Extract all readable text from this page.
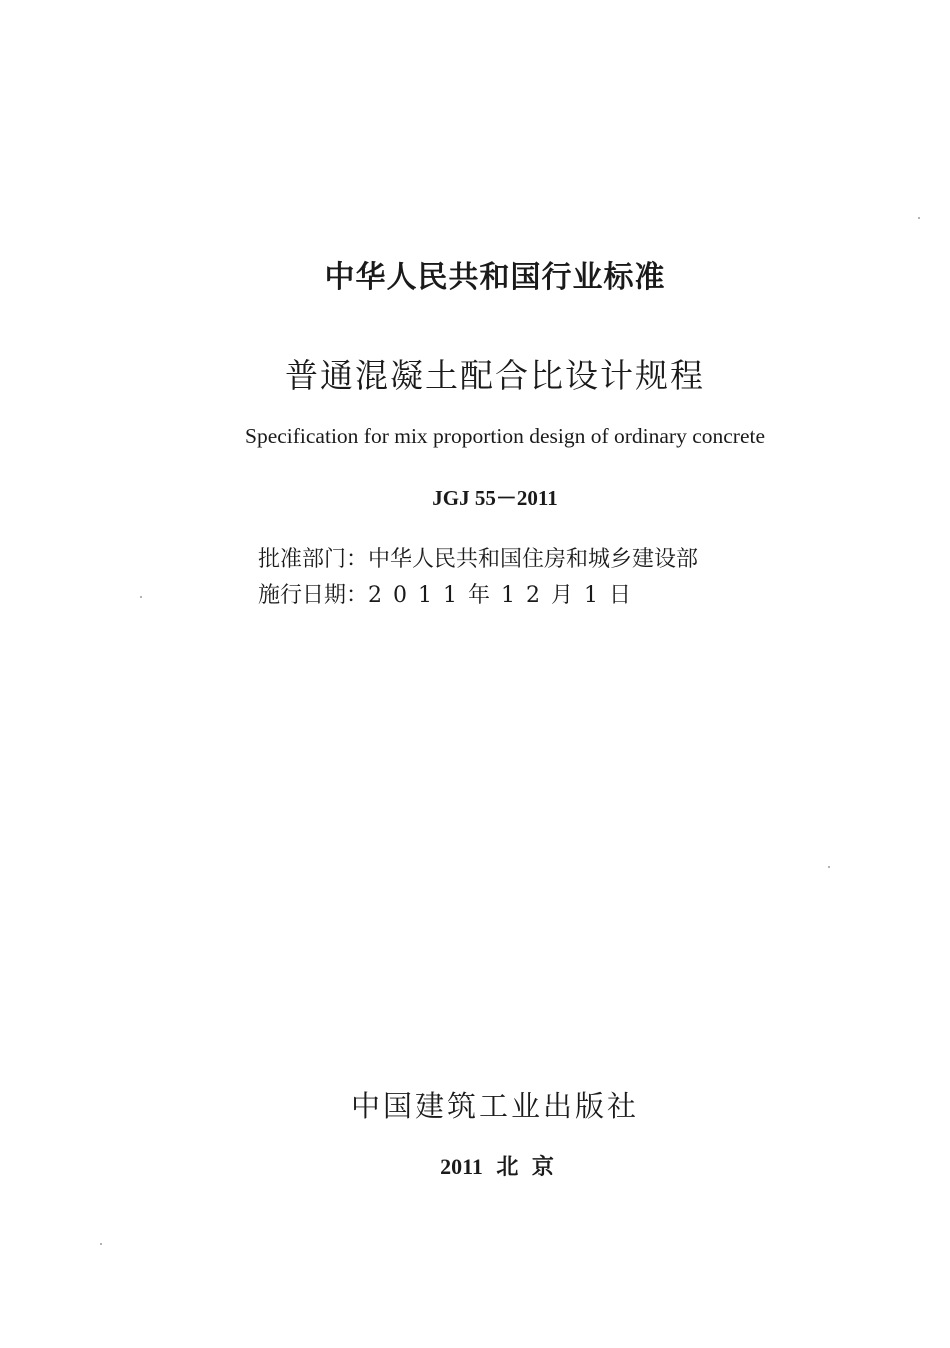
中华人民共和国行业标准
普通混凝土配合比设计规程
Specification for mix proportion design of ordinary concrete
JGJ 55－2011
批准部门： 中华人民共和国住房和城乡建设部
施行日期： 2011年12月1日
中国建筑工业出版社
2011 北 京
